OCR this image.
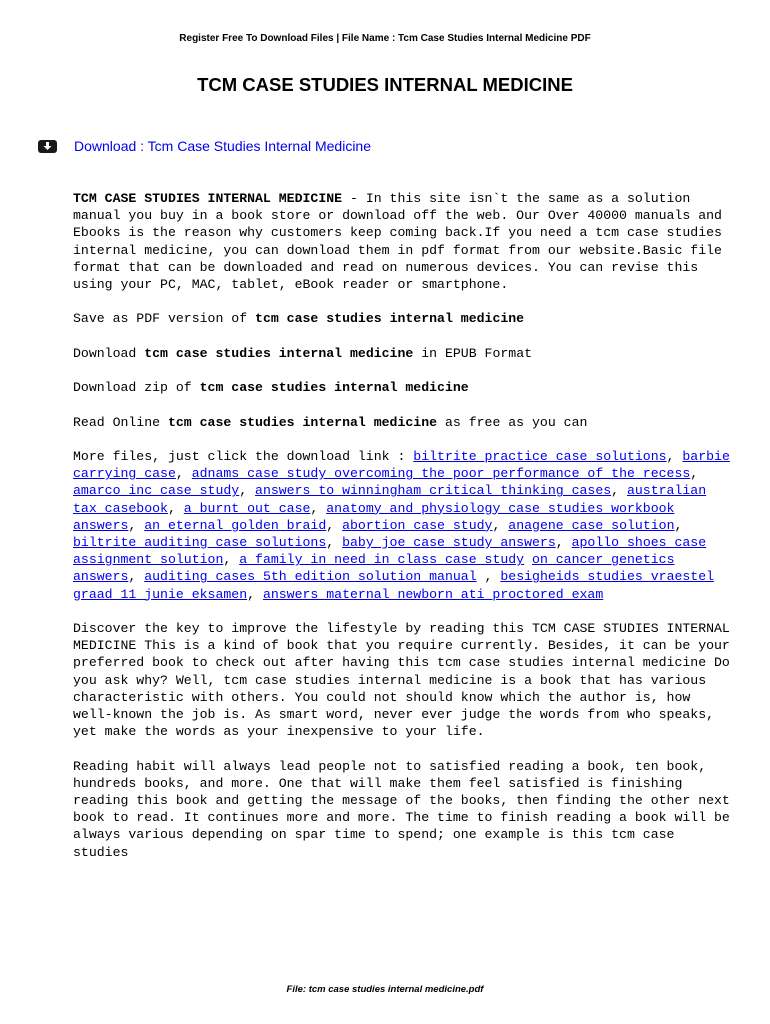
Register Free To Download Files | File Name : Tcm Case Studies Internal Medicine PDF
TCM CASE STUDIES INTERNAL MEDICINE
Download : Tcm Case Studies Internal Medicine

TCM CASE STUDIES INTERNAL MEDICINE - In this site isn`t the same as a solution manual you buy in a book store or download off the web. Our Over 40000 manuals and Ebooks is the reason why customers keep coming back.If you need a tcm case studies internal medicine, you can download them in pdf format from our website.Basic file format that can be downloaded and read on numerous devices. You can revise this using your PC, MAC, tablet, eBook reader or smartphone.

Save as PDF version of tcm case studies internal medicine

Download tcm case studies internal medicine in EPUB Format

Download zip of tcm case studies internal medicine

Read Online tcm case studies internal medicine as free as you can

More files, just click the download link : biltrite practice case solutions, barbie carrying case, adnams case study overcoming the poor performance of the recess, amarco inc case study, answers to winningham critical thinking cases, australian tax casebook, a burnt out case, anatomy and physiology case studies workbook answers, an eternal golden braid, abortion case study, anagene case solution, biltrite auditing case solutions, baby joe case study answers, apollo shoes case assignment solution, a family in need in class case study on cancer genetics answers, auditing cases 5th edition solution manual , besigheids studies vraestel graad 11 junie eksamen, answers maternal newborn ati proctored exam

Discover the key to improve the lifestyle by reading this TCM CASE STUDIES INTERNAL MEDICINE This is a kind of book that you require currently. Besides, it can be your preferred book to check out after having this tcm case studies internal medicine Do you ask why? Well, tcm case studies internal medicine is a book that has various characteristic with others. You could not should know which the author is, how well-known the job is. As smart word, never ever judge the words from who speaks, yet make the words as your inexpensive to your life.

Reading habit will always lead people not to satisfied reading a book, ten book, hundreds books, and more. One that will make them feel satisfied is finishing reading this book and getting the message of the books, then finding the other next book to read. It continues more and more. The time to finish reading a book will be always various depending on spar time to spend; one example is this tcm case studies

File: tcm case studies internal medicine.pdf
